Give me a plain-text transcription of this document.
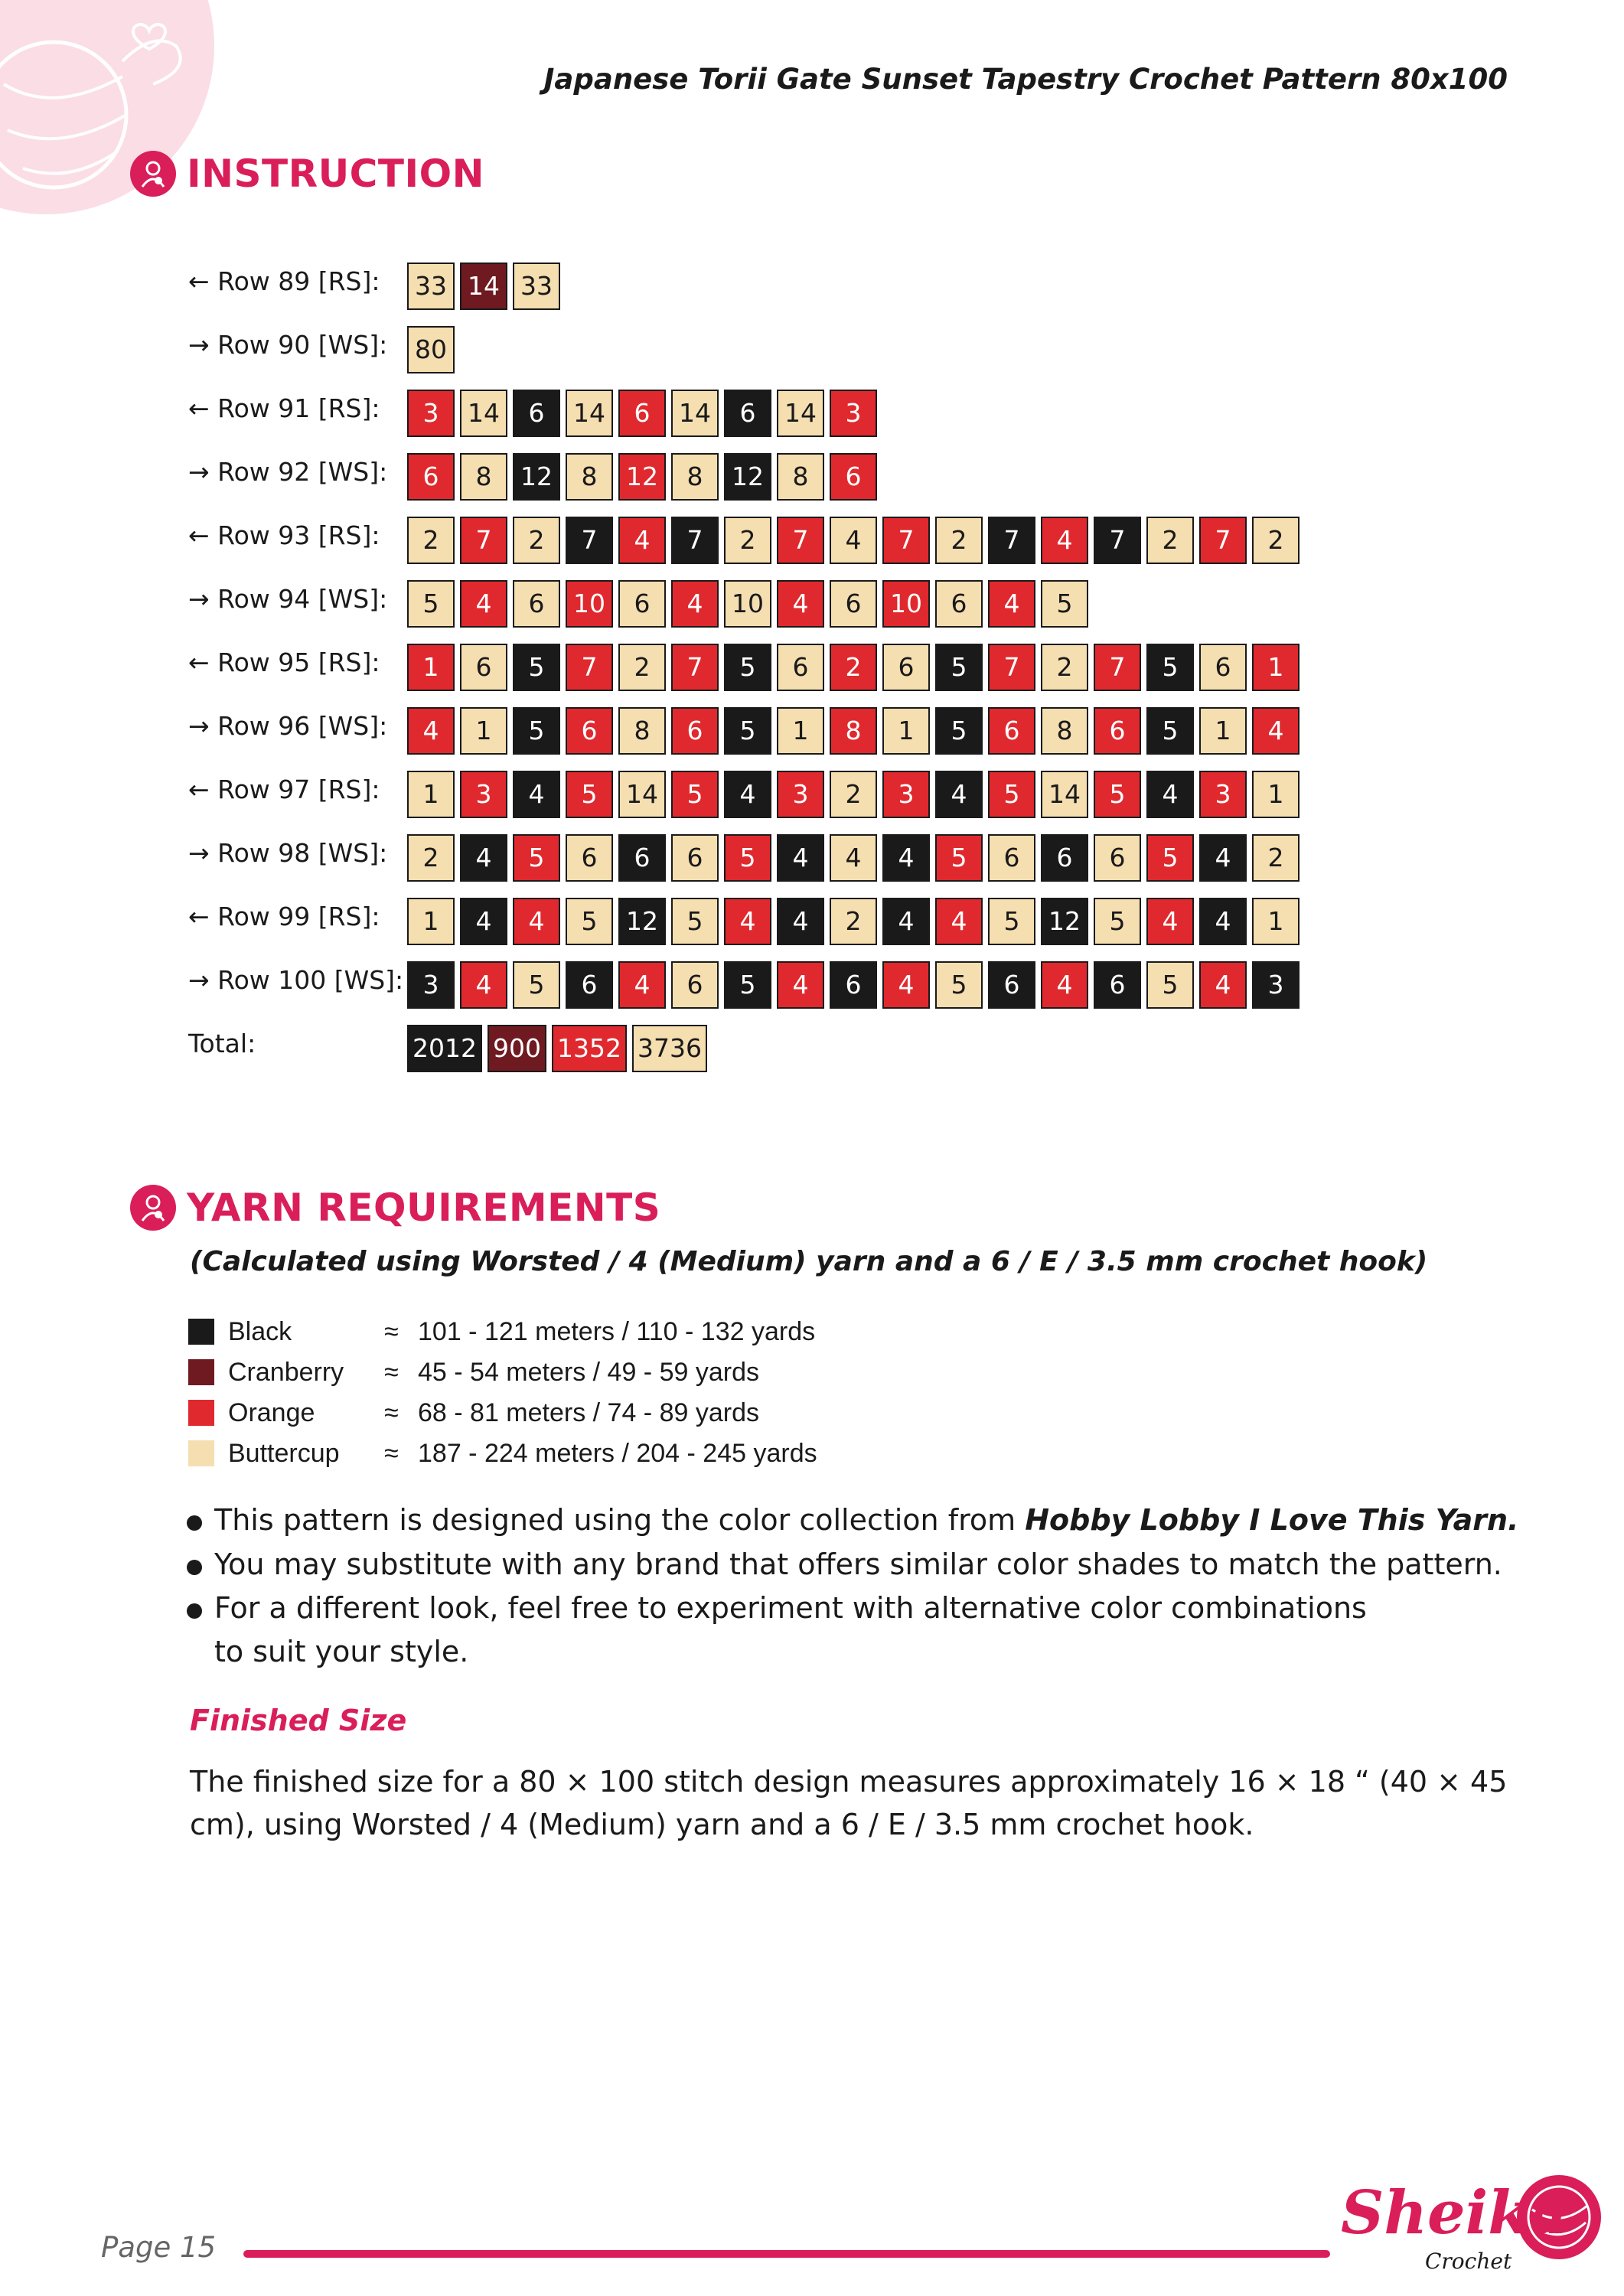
Japanese Torii Gate Sunset Tapestry Crochet Pattern 80x100
INSTRUCTION
← Row 89 [RS]:	33 14 33
→ Row 90 [WS]:	80
← Row 91 [RS]:	3	14	6	14	6	14	6	14	3
→ Row 92 [WS]:	6	8	12	8	12	8	12	8	6
← Row 93 [RS]:	2	7	2	7	4	7	2	7	4	7	2	7	4	7	2	7	2
→ Row 94 [WS]:	5	4	6	10	6	4	10	4	6	10	6	4	5
← Row 95 [RS]:	1	6	5	7	2	7	5	6	2	6	5	7	2	7	5	6	1
→ Row 96 [WS]:	4	1	5	6	8	6	5	1	8	1	5	6	8	6	5	1	4
← Row 97 [RS]:	1	3	4	5	14	5	4	3	2	3	4	5	14	5	4	3	1
→ Row 98 [WS]:	2	4	5	6	6	6	5	4	4	4	5	6	6	6	5	4	2
← Row 99 [RS]:	1	4	4	5	12	5	4	4	2	4	4	5	12	5	4	4	1
→ Row 100 [WS]: 3	4	5	6	4	6	5	4	6	4	5	6	4	6	5	4	3
Total:	2012 900 1352 3736
YARN REQUIREMENTS
(Calculated using Worsted / 4 (Medium) yarn and a 6 / E / 3.5 mm crochet hook)
Black	≈ 101 - 121 meters / 110 - 132 yards
Cranberry ≈ 45 - 54 meters / 49 - 59 yards
Orange	≈ 68 - 81 meters / 74 - 89 yards
Buttercup ≈ 187 - 224 meters / 204 - 245 yards
This pattern is designed using the color collection from Hobby Lobby I Love This Yarn.
You may substitute with any brand that offers similar color shades to match the pattern.
For a different look, feel free to experiment with alternative color combinations to suit your style.
Finished Size
The finished size for a 80 × 100 stitch design measures approximately 16 × 18 “ (40 × 45 cm), using Worsted / 4 (Medium) yarn and a 6 / E / 3.5 mm crochet hook.
Page 15	Sheika
Crochet
